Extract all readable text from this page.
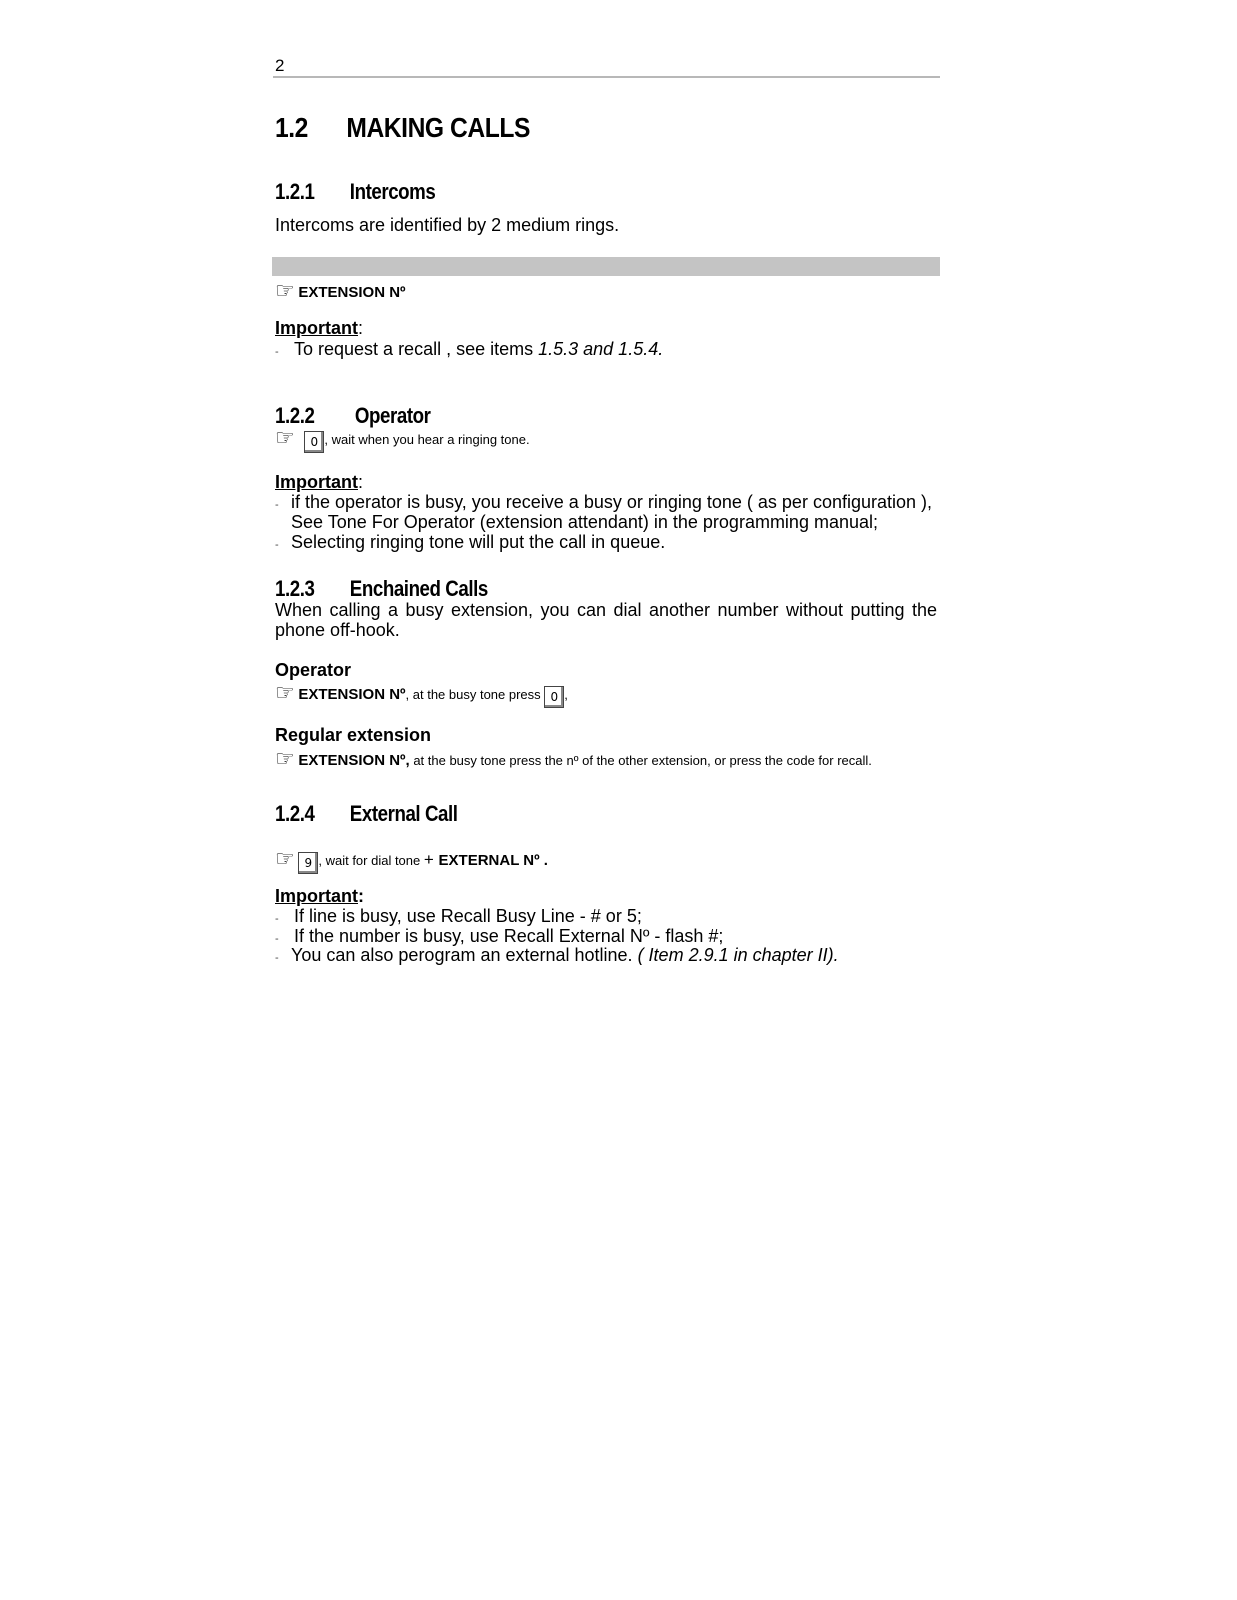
2
1.2      MAKING CALLS
1.2.1 Intercoms
Intercoms are identified by 2 medium rings.
☞ EXTENSION Nº
Important:
- To request a recall , see items 1.5.3 and 1.5.4.
1.2.2 Operator
☞ 0 , wait when you hear a ringing tone.
Important:
- if the operator is busy, you receive a busy or ringing tone ( as per configuration ),
See Tone For Operator (extension attendant) in the programming manual;
- Selecting ringing tone will put the call in queue.
1.2.3 Enchained Calls
When calling a busy extension, you can dial another number without putting the phone off-hook.
Operator
☞ EXTENSION Nº, at the busy tone press 0 ,
Regular extension
☞ EXTENSION Nº, at the busy tone press the nº of the other extension, or press the code for recall.
1.2.4 External Call
☞ 9 , wait for dial tone + EXTERNAL Nº .
Important:
- If line is busy, use Recall Busy Line - # or 5;
- If the number is busy, use Recall External Nº - flash #;
- You can also perogram an external hotline. ( Item 2.9.1 in chapter II).
